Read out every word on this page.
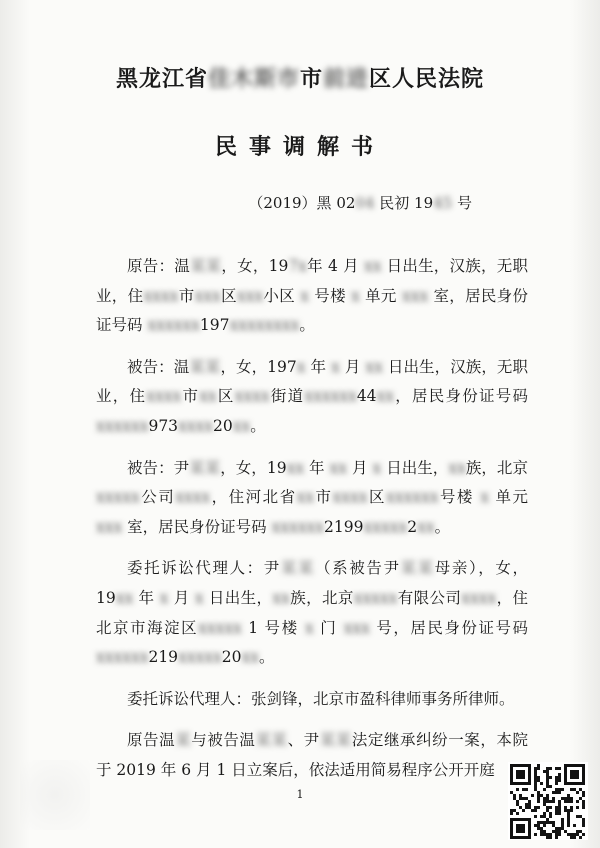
黑龙江省佳木斯市市前进区人民法院
民事调解书
（2019）黑 0204 民初 1945 号

原告：温某某，女，197x年 4 月 xx 日出生，汉族，无职业，住xxxx市xxx区xxx小区 x 号楼 x 单元 xxx 室，居民身份证号码 xxxxxx197xxxxxxxx。

被告：温某某，女，197x 年 x 月 xx 日出生，汉族，无职业，住xxxx市xx区xxxx街道xxxxxx44xx，居民身份证号码 xxxxxx973xxxx20xx。

被告：尹某某，女，19xx 年 xx 月 x 日出生，xx族，北京xxxxx公司xxxx，住河北省xx市xxxx区xxxxxx号楼 x 单元 xxx 室，居民身份证号码 xxxxxx2199xxxxx2xx。

委托诉讼代理人：尹某某（系被告尹某某母亲），女，19xx 年 x 月 x 日出生，xx族，北京xxxxx有限公司xxxx，住北京市海淀区xxxxx 1 号楼 x 门 xxx 号，居民身份证号码 xxxxxx219xxxxx20xx。

委托诉讼代理人：张剑锋，北京市盈科律师事务所律师。

原告温某与被告温某某、尹某某法定继承纠纷一案，本院于 2019 年 6 月 1 日立案后，依法适用简易程序公开开庭

1
